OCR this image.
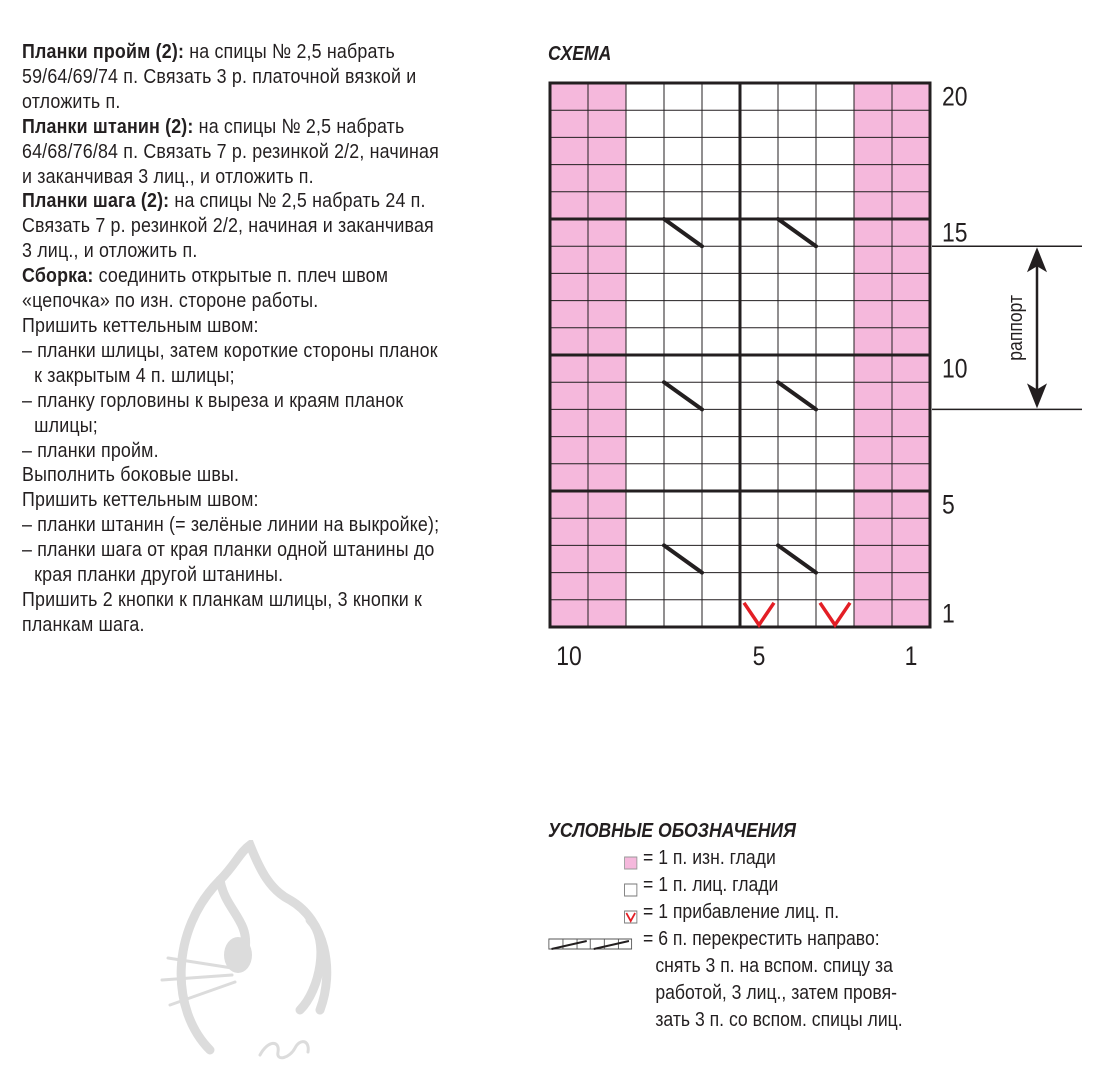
Планки пройм (2): на спицы № 2,5 набрать 59/64/69/74 п. Связать 3 р. платочной вязкой и отложить п.

Планки штанин (2): на спицы № 2,5 набрать 64/68/76/84 п. Связать 7 р. резинкой 2/2, начиная и заканчивая 3 лиц., и отложить п.

Планки шага (2): на спицы № 2,5 набрать 24 п. Связать 7 р. резинкой 2/2, начиная и заканчивая 3 лиц., и отложить п.

Сборка: соединить открытые п. плеч швом «цепочка» по изн. стороне работы.

Пришить кеттельным швом:

– планки шлицы, затем короткие стороны планок к закрытым 4 п. шлицы;

– планку горловины к выреза и краям планок шлицы;

– планки пройм.

Выполнить боковые швы.

Пришить кеттельным швом:

– планки штанин (= зелёные линии на выкройке);

– планки шага от края планки одной штанины до края планки другой штанины.

Пришить 2 кнопки к планкам шлицы, 3 кнопки к планкам шага.

СХЕМА
20
15
10
5
1
10	5	1
раппорт
УСЛОВНЫЕ ОБОЗНАЧЕНИЯ
= 1 п. изн. глади
= 1 п. лиц. глади
= 1 прибавление лиц. п.
= 6 п. перекрестить направо:
снять 3 п. на вспом. спицу за
работой, 3 лиц., затем провя-
зать 3 п. со вспом. спицы лиц.
